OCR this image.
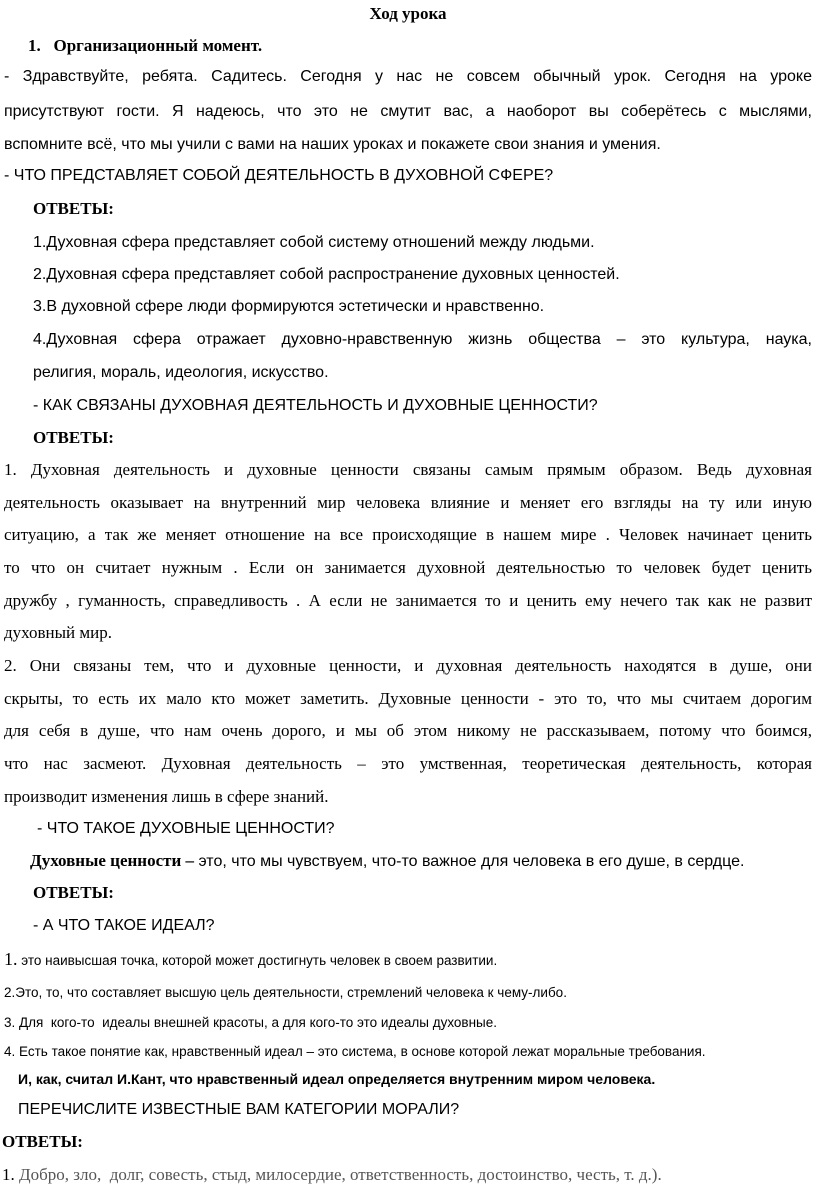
Ход урока
1.   Организационный момент.
- Здравствуйте, ребята. Садитесь. Сегодня у нас не совсем обычный урок. Сегодня на уроке
присутствуют гости. Я надеюсь, что это не смутит вас, а наоборот вы соберётесь с мыслями,
вспомните всё, что мы учили с вами на наших уроках и покажете свои знания и умения.
- ЧТО ПРЕДСТАВЛЯЕТ СОБОЙ ДЕЯТЕЛЬНОСТЬ В ДУХОВНОЙ СФЕРЕ?
ОТВЕТЫ:
1.Духовная сфера представляет собой систему отношений между людьми.
2.Духовная сфера представляет собой распространение духовных ценностей.
3.В духовной сфере люди формируются эстетически и нравственно.
4.Духовная сфера отражает духовно-нравственную жизнь общества – это культура, наука,
религия, мораль, идеология, искусство.
- КАК СВЯЗАНЫ ДУХОВНАЯ ДЕЯТЕЛЬНОСТЬ И ДУХОВНЫЕ ЦЕННОСТИ?
ОТВЕТЫ:
1. Духовная деятельность и духовные ценности связаны самым прямым образом. Ведь духовная
деятельность оказывает на внутренний мир человека влияние и меняет его взгляды на ту или иную
ситуацию, а так же меняет отношение на все происходящие в нашем мире . Человек начинает ценить
то что он считает нужным . Если он занимается духовной деятельностью то человек будет ценить
дружбу , гуманность, справедливость . А если не занимается то и ценить ему нечего так как не развит
духовный мир.
2. Они связаны тем, что и духовные ценности, и духовная деятельность находятся в душе, они
скрыты, то есть их мало кто может заметить. Духовные ценности - это то, что мы считаем дорогим
для себя в душе, что нам очень дорого, и мы об этом никому не рассказываем, потому что боимся,
что нас засмеют. Духовная деятельность – это умственная, теоретическая деятельность, которая
производит изменения лишь в сфере знаний.
- ЧТО ТАКОЕ ДУХОВНЫЕ ЦЕННОСТИ?
Духовные ценности – это, что мы чувствуем, что-то важное для человека в его душе, в сердце.
ОТВЕТЫ:
- А ЧТО ТАКОЕ ИДЕАЛ?
1. это наивысшая точка, которой может достигнуть человек в своем развитии.
2.Это, то, что составляет высшую цель деятельности, стремлений человека к чему-либо.
3. Для  кого-то  идеалы внешней красоты, а для кого-то это идеалы духовные.
4. Есть такое понятие как, нравственный идеал – это система, в основе которой лежат моральные требования.
И, как, считал И.Кант, что нравственный идеал определяется внутренним миром человека.
ПЕРЕЧИСЛИТЕ ИЗВЕСТНЫЕ ВАМ КАТЕГОРИИ МОРАЛИ?
ОТВЕТЫ:
1. Добро, зло,  долг, совесть, стыд, милосердие, ответственность, достоинство, честь, т. д.).
